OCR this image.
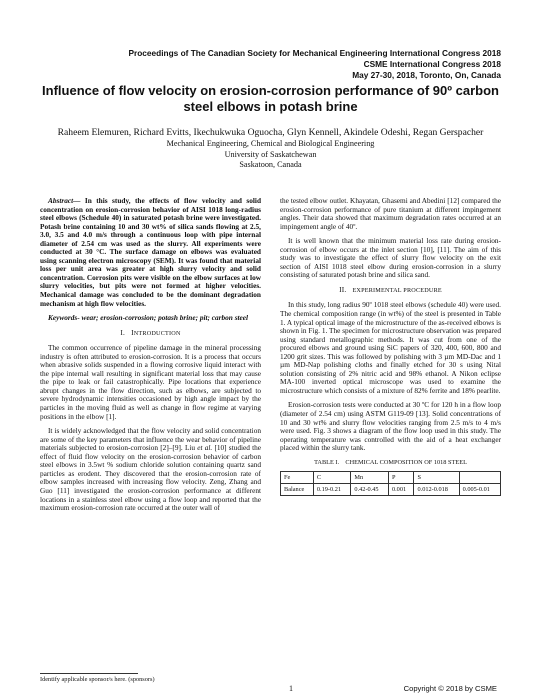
Proceedings of The Canadian Society for Mechanical Engineering International Congress 2018
CSME International Congress 2018
May 27-30, 2018, Toronto, On, Canada
Influence of flow velocity on erosion-corrosion performance of 90º carbon
steel elbows in potash brine
Raheem Elemuren, Richard Evitts, Ikechukwuka Oguocha, Glyn Kennell, Akindele Odeshi, Regan Gerspacher
Mechanical Engineering, Chemical and Biological Engineering
University of Saskatchewan
Saskatoon, Canada

Abstract— In this study, the effects of flow velocity and solid concentration on erosion-corrosion behavior of AISI 1018 long-radius steel elbows (Schedule 40) in saturated potash brine were investigated. Potash brine containing 10 and 30 wt% of silica sands flowing at 2.5, 3.0, 3.5 and 4.0 m/s through a continuous loop with pipe internal diameter of 2.54 cm was used as the slurry. All experiments were conducted at 30 °C. The surface damage on elbows was evaluated using scanning electron microscopy (SEM). It was found that material loss per unit area was greater at high slurry velocity and solid concentration. Corrosion pits were visible on the elbow surfaces at low slurry velocities, but pits were not formed at higher velocities. Mechanical damage was concluded to be the dominant degradation mechanism at high flow velocities.

Keywords- wear; erosion-corrosion; potash brine; pit; carbon steel

I. INTRODUCTION

The common occurrence of pipeline damage in the mineral processing industry is often attributed to erosion-corrosion. It is a process that occurs when abrasive solids suspended in a flowing corrosive liquid interact with the pipe internal wall resulting in significant material loss that may cause the pipe to leak or fail catastrophically. Pipe locations that experience abrupt changes in the flow direction, such as elbows, are subjected to severe hydrodynamic intensities occasioned by high angle impact by the particles in the moving fluid as well as change in flow regime at varying positions in the elbow [1].

It is widely acknowledged that the flow velocity and solid concentration are some of the key parameters that influence the wear behavior of pipeline materials subjected to erosion-corrosion [2]–[9]. Liu et al. [10] studied the effect of fluid flow velocity on the erosion-corrosion behavior of carbon steel elbows in 3.5wt % sodium chloride solution containing quartz sand particles as erodent. They discovered that the erosion-corrosion rate of elbow samples increased with increasing flow velocity. Zeng, Zhang and Guo [11] investigated the erosion-corrosion performance at different locations in a stainless steel elbow using a flow loop and reported that the maximum erosion-corrosion rate occurred at the outer wall of

the tested elbow outlet. Khayatan, Ghasemi and Abedini [12] compared the erosion-corrosion performance of pure titanium at different impingement angles. Their data showed that maximum degradation rates occurred at an impingement angle of 40º.

It is well known that the minimum material loss rate during erosion-corrosion of elbow occurs at the inlet section [10], [11]. The aim of this study was to investigate the effect of slurry flow velocity on the exit section of AISI 1018 steel elbow during erosion-corrosion in a slurry consisting of saturated potash brine and silica sand.

II. EXPERIMENTAL PROCEDURE

In this study, long radius 90º 1018 steel elbows (schedule 40) were used. The chemical composition range (in wt%) of the steel is presented in Table 1. A typical optical image of the microstructure of the as-received elbows is shown in Fig. 1. The specimen for microstructure observation was prepared using standard metallographic methods. It was cut from one of the procured elbows and ground using SiC papers of 320, 400, 600, 800 and 1200 grit sizes. This was followed by polishing with 3 µm MD-Dac and 1 µm MD-Nap polishing cloths and finally etched for 30 s using Nital solution consisting of 2% nitric acid and 98% ethanol. A Nikon eclipse MA-100 inverted optical microscope was used to examine the microstructure which consists of a mixture of 82% ferrite and 18% pearlite.

Erosion-corrosion tests were conducted at 30 ºC for 120 h in a flow loop (diameter of 2.54 cm) using ASTM G119-09 [13]. Solid concentrations of 10 and 30 wt% and slurry flow velocities ranging from 2.5 m/s to 4 m/s were used. Fig. 3 shows a diagram of the flow loop used in this study. The operating temperature was controlled with the aid of a heat exchanger placed within the slurry tank.

TABLE I. CHEMICAL COMPOSITION OF 1018 STEEL
Fe	C	Mn	P	S	
Balance	0.19-0.21	0.42-0.45	0.001	0.012-0.018	0.005-0.01
Identify applicable sponsor/s here. (sponsors)
1	Copyright © 2018 by CSME
